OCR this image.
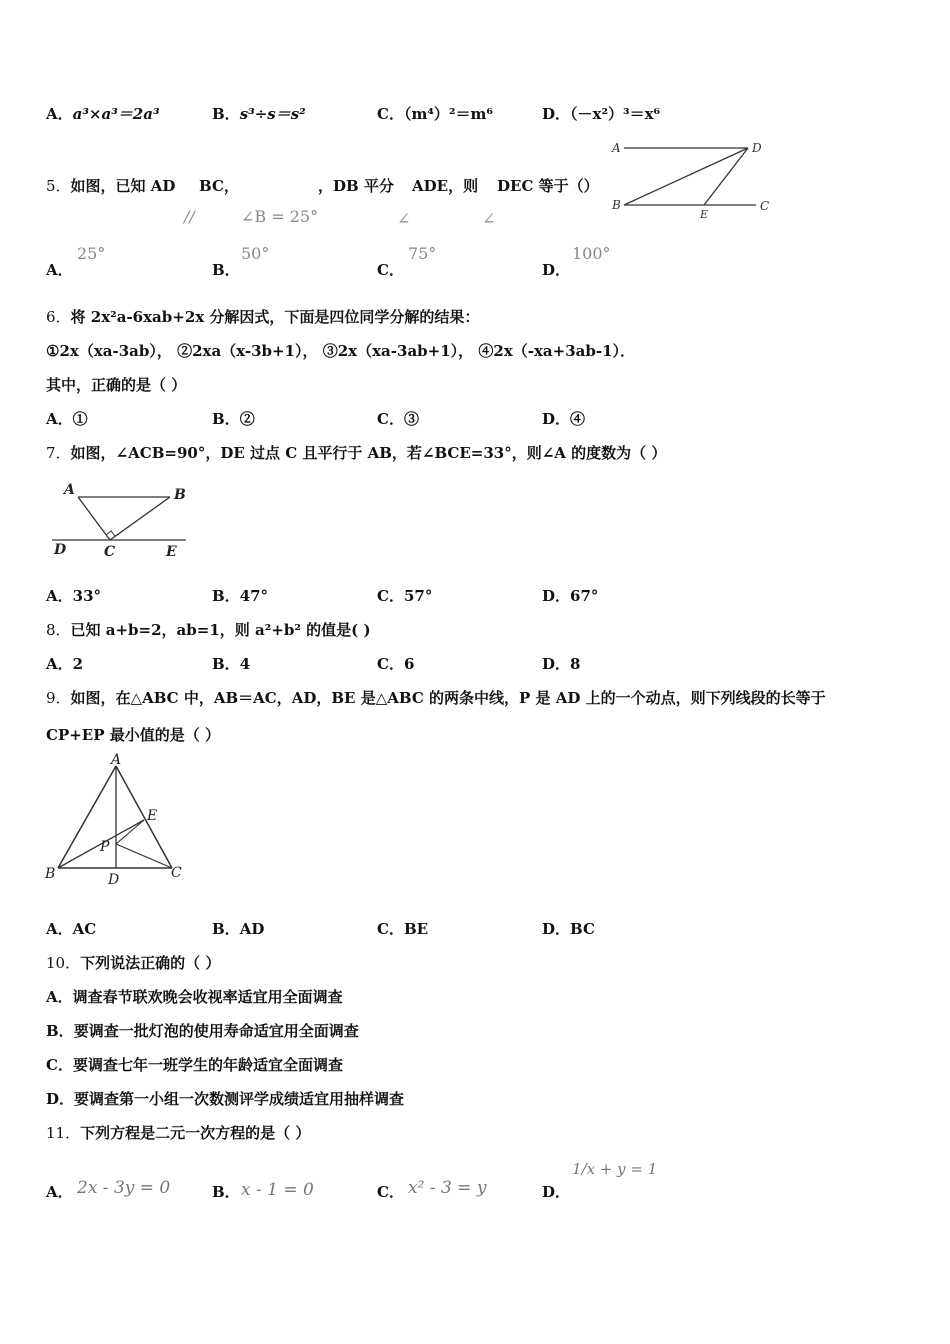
A．a³×a³＝2a³	B．s³÷s＝s²	C．（m⁴）²＝m⁶	D．（－x²）³＝x⁶
5．如图，已知 AD BC，	，DB 平分 ADE，则 DEC 等于（）
//	∠B = 25°	∠	∠
A	D
B
E
C
A．
25°
B．
50°
C．
75°
D．
100°
6．将 2x²a-6xab+2x 分解因式，下面是四位同学分解的结果：
①2x（xa-3ab）， ②2xa（x-3b+1）， ③2x（xa-3ab+1）， ④2x（-xa+3ab-1）．
其中，正确的是（ ）
A．①	B．②	C．③	D．④
7．如图，∠ACB=90°，DE 过点 C 且平行于 AB，若∠BCE=33°，则∠A 的度数为（ ）
A	B
D	C	E
A．33°	B．47°	C．57°	D．67°
8．已知 a+b=2，ab=1，则 a²+b² 的值是( )
A．2	B．4	C．6	D．8
9．如图，在△ABC 中，AB＝AC，AD，BE 是△ABC 的两条中线，P 是 AD 上的一个动点，则下列线段的长等于
CP+EP 最小值的是（ ）
A
E
P
B	D	C
A．AC	B．AD	C．BE	D．BC
10．下列说法正确的（ ）
A．调查春节联欢晚会收视率适宜用全面调查
B．要调查一批灯泡的使用寿命适宜用全面调查
C．要调查七年一班学生的年龄适宜全面调查
D．要调查第一小组一次数测评学成绩适宜用抽样调查
11．下列方程是二元一次方程的是（ ）
A． 2x - 3y = 0	B． x - 1 = 0	C． x² - 3 = y	D．
1/x + y = 1
